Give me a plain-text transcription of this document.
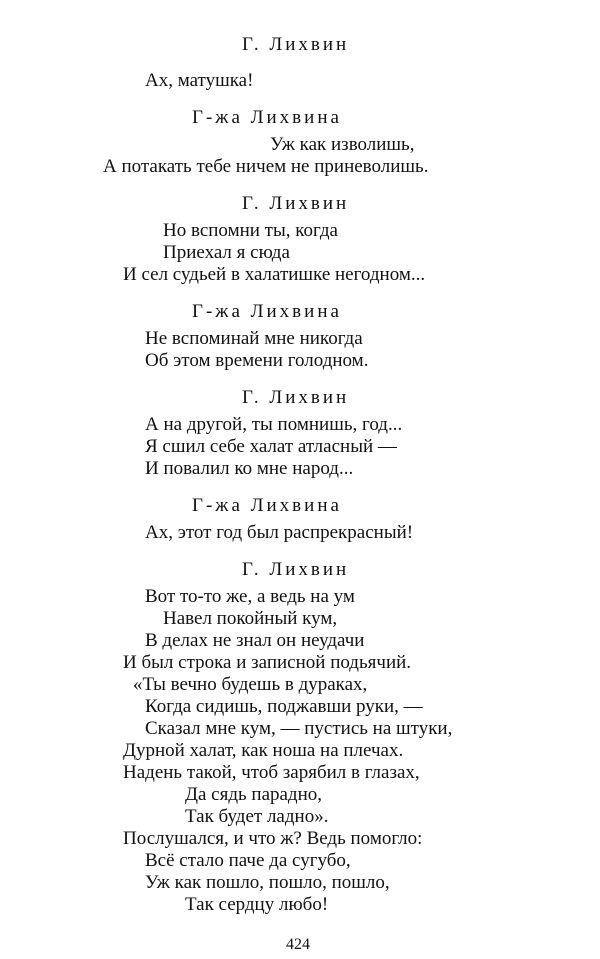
Г. Лихвин
Ах, матушка!
Г-жа Лихвина
Уж как изволишь,
А потакать тебе ничем не приневолишь.
Г. Лихвин
Но вспомни ты, когда
Приехал я сюда
И сел судьей в халатишке негодном...
Г-жа Лихвина
Не вспоминай мне никогда
Об этом времени голодном.
Г. Лихвин
А на другой, ты помнишь, год...
Я сшил себе халат атласный —
И повалил ко мне народ...
Г-жа Лихвина
Ах, этот год был распрекрасный!
Г. Лихвин
Вот то-то же, а ведь на ум
Навел покойный кум,
В делах не знал он неудачи
И был строка и записной подьячий.
«Ты вечно будешь в дураках,
Когда сидишь, поджавши руки, —
Сказал мне кум, — пустись на штуки,
Дурной халат, как ноша на плечах.
Надень такой, чтоб зарябил в глазах,
Да сядь парадно,
Так будет ладно».
Послушался, и что ж? Ведь помогло:
Всё стало паче да сугубо,
Уж как пошло, пошло, пошло,
Так сердцу любо!
424
